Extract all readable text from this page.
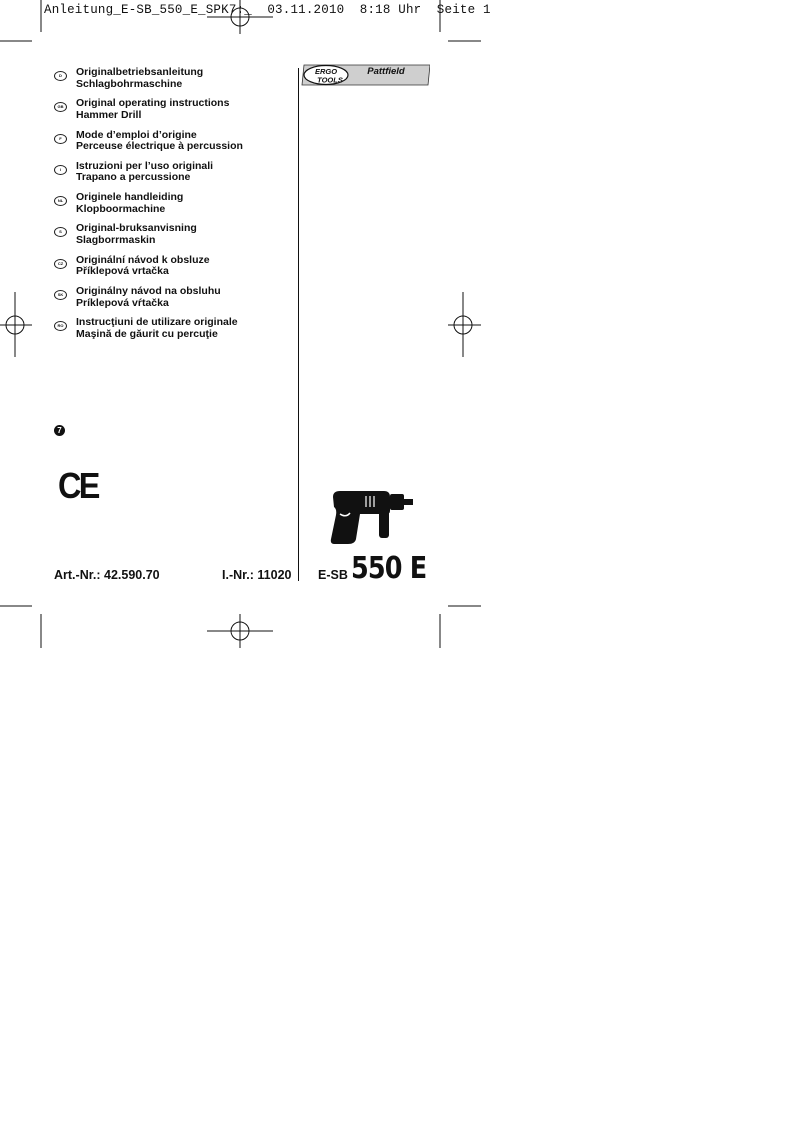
Anleitung_E-SB_550_E_SPK7:_ 03.11.2010 8:18 Uhr Seite 1
D	Originalbetriebsanleitung
Schlagbohrmaschine
GB	Original operating instructions
Hammer Drill
F	Mode d’emploi d’origine
Perceuse électrique à percussion
I	Istruzioni per l’uso originali
Trapano a percussione
NL	Originele handleiding
Klopboormachine
S	Original-bruksanvisning
Slagborrmaskin
CZ	Originální návod k obsluze
Příklepová vrtačka
SK	Originálny návod na obsluhu
Príklepová vŕtačka
RO	Instrucţiuni de utilizare originale
Maşină de găurit cu percuţie
7
CE
Art.-Nr.: 42.590.70	I.-Nr.: 11020 E-SB 550 E
ERGO
TOOLS
Pattfield
